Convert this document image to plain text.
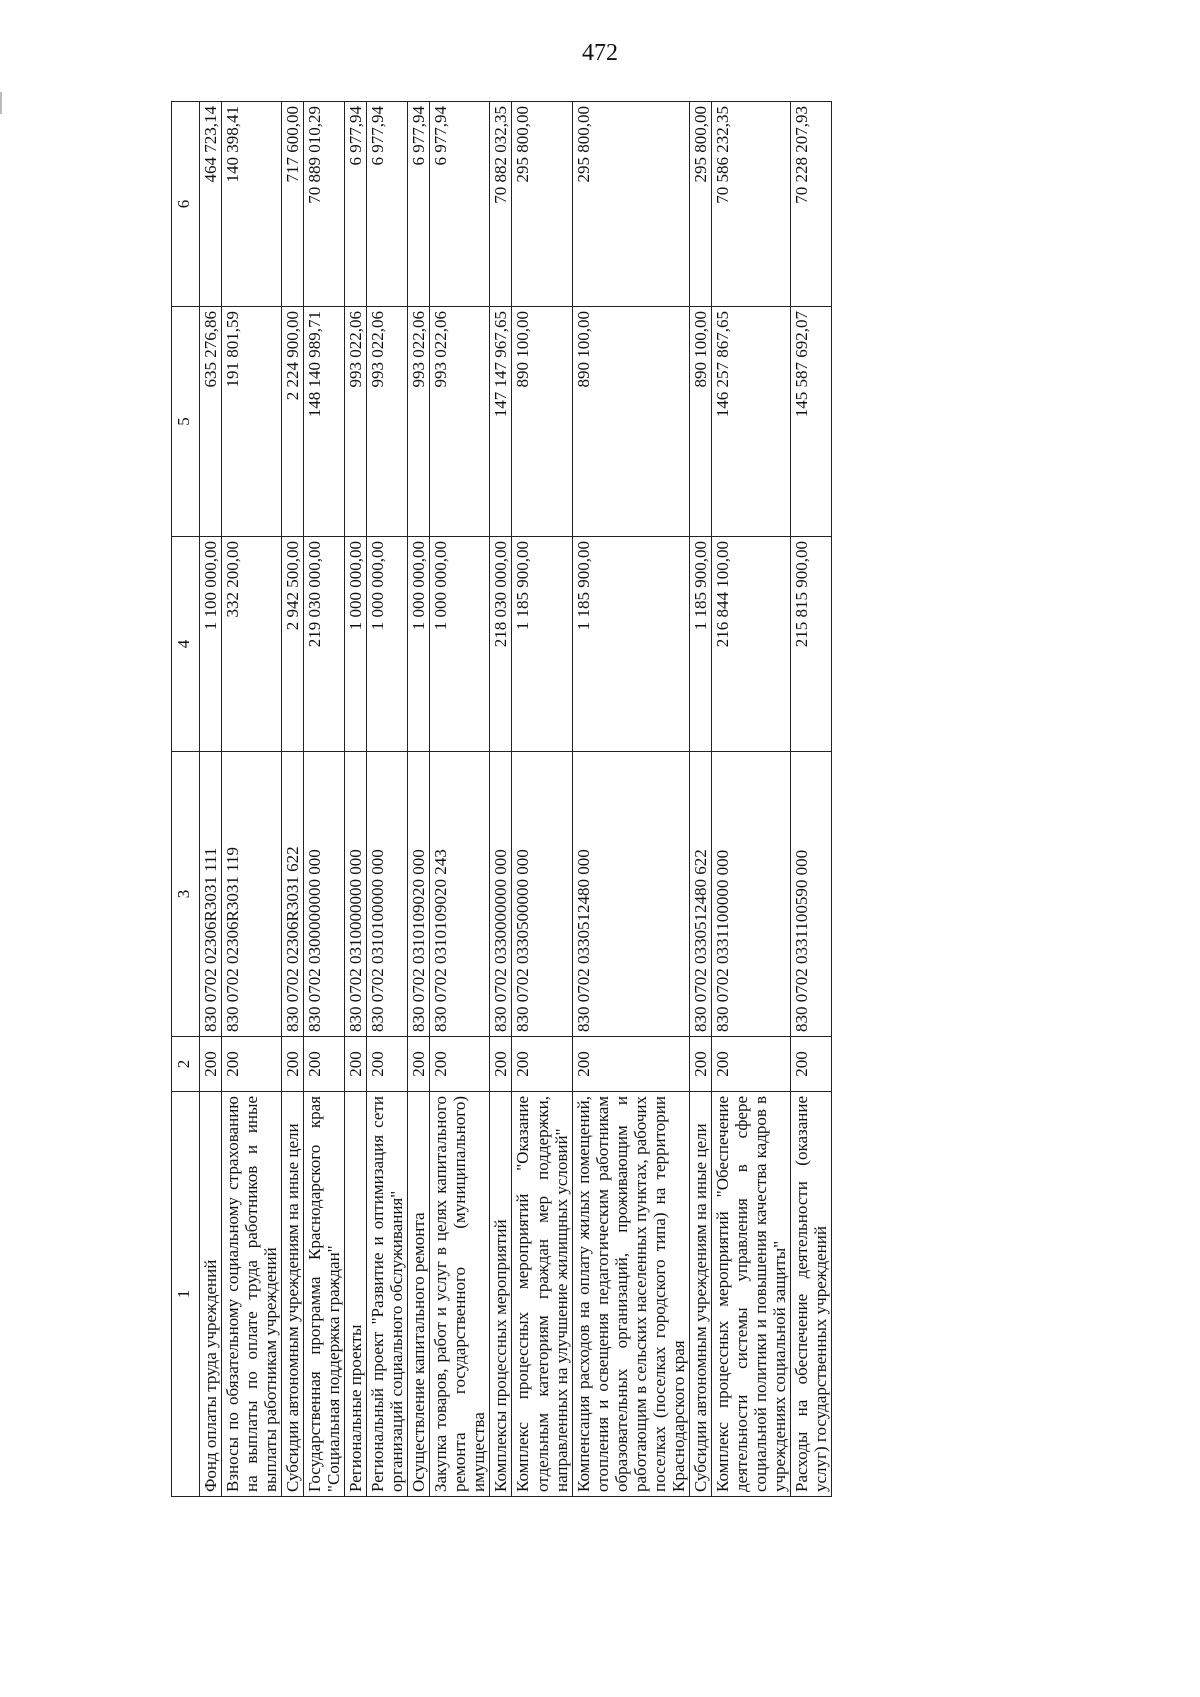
472
1	2	3	4	5	6
Фонд оплаты труда учреждений	200	830 0702 02306R3031 111	1 100 000,00	635 276,86	464 723,14
Взносы по обязательному социальному страхованию на выплаты по оплате труда работников и иные выплаты работникам учреждений	200	830 0702 02306R3031 119	332 200,00	191 801,59	140 398,41
Субсидии автономным учреждениям на иные цели	200	830 0702 02306R3031 622	2 942 500,00	2 224 900,00	717 600,00
Государственная программа Краснодарского края "Социальная поддержка граждан"	200	830 0702 0300000000 000	219 030 000,00	148 140 989,71	70 889 010,29
Региональные проекты	200	830 0702 0310000000 000	1 000 000,00	993 022,06	6 977,94
Региональный проект "Развитие и оптимизация сети организаций социального обслуживания"	200	830 0702 0310100000 000	1 000 000,00	993 022,06	6 977,94
Осуществление капитального ремонта	200	830 0702 0310109020 000	1 000 000,00	993 022,06	6 977,94
Закупка товаров, работ и услуг в целях капитального ремонта государственного (муниципального) имущества	200	830 0702 0310109020 243	1 000 000,00	993 022,06	6 977,94
Комплексы процессных мероприятий	200	830 0702 0330000000 000	218 030 000,00	147 147 967,65	70 882 032,35
Комплекс процессных мероприятий "Оказание отдельным категориям граждан мер поддержки, направленных на улучшение жилищных условий"	200	830 0702 0330500000 000	1 185 900,00	890 100,00	295 800,00
Компенсация расходов на оплату жилых помещений, отопления и освещения педагогическим работникам образовательных организаций, проживающим и работающим в сельских населенных пунктах, рабочих поселках (поселках городского типа) на территории Краснодарского края	200	830 0702 0330512480 000	1 185 900,00	890 100,00	295 800,00
Субсидии автономным учреждениям на иные цели	200	830 0702 0330512480 622	1 185 900,00	890 100,00	295 800,00
Комплекс процессных мероприятий "Обеспечение деятельности системы управления в сфере социальной политики и повышения качества кадров в учреждениях социальной защиты"	200	830 0702 0331100000 000	216 844 100,00	146 257 867,65	70 586 232,35
Расходы на обеспечение деятельности (оказание услуг) государственных учреждений	200	830 0702 0331100590 000	215 815 900,00	145 587 692,07	70 228 207,93
